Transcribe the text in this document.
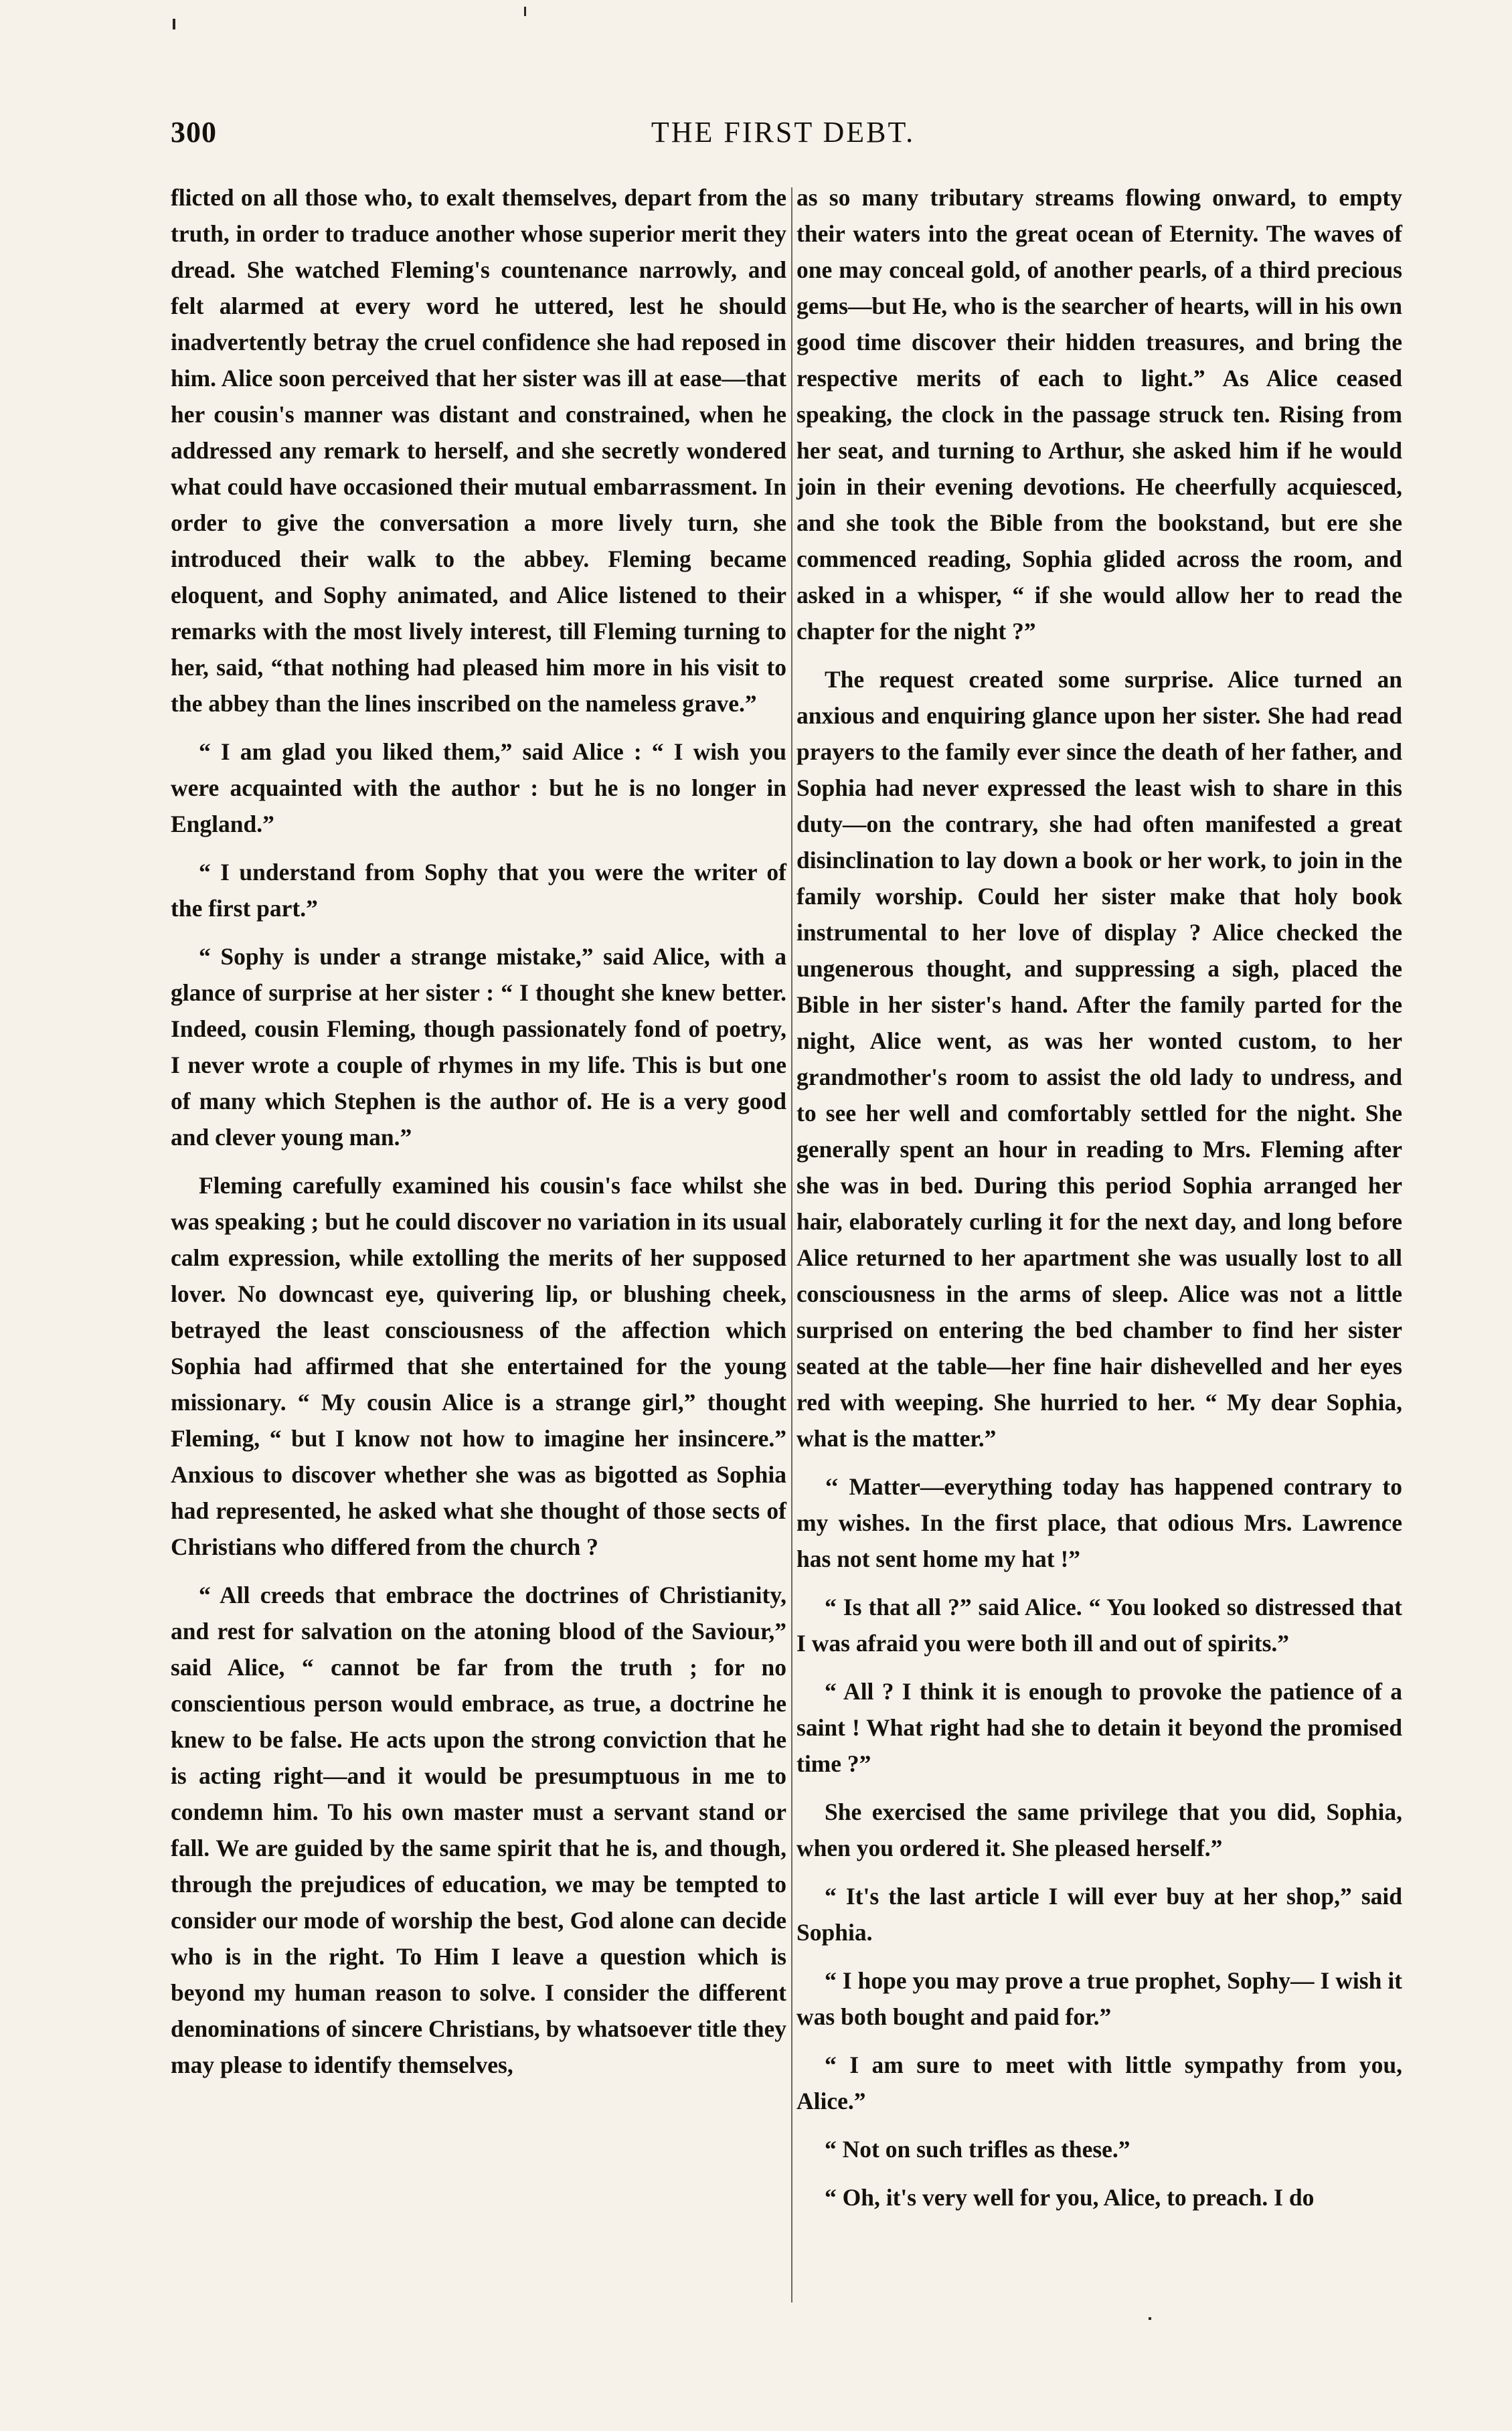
300	THE FIRST DEBT.

flicted on all those who, to exalt themselves, depart from the truth, in order to traduce another whose superior merit they dread. She watched Fleming's countenance narrowly, and felt alarmed at every word he uttered, lest he should inadvertently betray the cruel confidence she had reposed in him. Alice soon perceived that her sister was ill at ease—that her cousin's manner was distant and constrained, when he addressed any remark to herself, and she secretly wondered what could have occasioned their mutual embarrassment. In order to give the conversation a more lively turn, she introduced their walk to the abbey. Fleming became eloquent, and Sophy animated, and Alice listened to their remarks with the most lively interest, till Fleming turning to her, said, “that nothing had pleased him more in his visit to the abbey than the lines inscribed on the nameless grave.”

“ I am glad you liked them,” said Alice : “ I wish you were acquainted with the author : but he is no longer in England.”

“ I understand from Sophy that you were the writer of the first part.”

“ Sophy is under a strange mistake,” said Alice, with a glance of surprise at her sister : “ I thought she knew better. Indeed, cousin Fleming, though passionately fond of poetry, I never wrote a couple of rhymes in my life. This is but one of many which Stephen is the author of. He is a very good and clever young man.”

Fleming carefully examined his cousin's face whilst she was speaking ; but he could discover no variation in its usual calm expression, while extolling the merits of her supposed lover. No downcast eye, quivering lip, or blushing cheek, betrayed the least consciousness of the affection which Sophia had affirmed that she entertained for the young missionary. “ My cousin Alice is a strange girl,” thought Fleming, “ but I know not how to imagine her insincere.” Anxious to discover whether she was as bigotted as Sophia had represented, he asked what she thought of those sects of Christians who differed from the church ?

“ All creeds that embrace the doctrines of Christianity, and rest for salvation on the atoning blood of the Saviour,” said Alice, “ cannot be far from the truth ; for no conscientious person would embrace, as true, a doctrine he knew to be false. He acts upon the strong conviction that he is acting right—and it would be presumptuous in me to condemn him. To his own master must a servant stand or fall. We are guided by the same spirit that he is, and though, through the prejudices of education, we may be tempted to consider our mode of worship the best, God alone can decide who is in the right. To Him I leave a question which is beyond my human reason to solve. I consider the different denominations of sincere Christians, by whatsoever title they may please to identify themselves,

as so many tributary streams flowing onward, to empty their waters into the great ocean of Eternity. The waves of one may conceal gold, of another pearls, of a third precious gems—but He, who is the searcher of hearts, will in his own good time discover their hidden treasures, and bring the respective merits of each to light.” As Alice ceased speaking, the clock in the passage struck ten. Rising from her seat, and turning to Arthur, she asked him if he would join in their evening devotions. He cheerfully acquiesced, and she took the Bible from the bookstand, but ere she commenced reading, Sophia glided across the room, and asked in a whisper, “ if she would allow her to read the chapter for the night ?”

The request created some surprise. Alice turned an anxious and enquiring glance upon her sister. She had read prayers to the family ever since the death of her father, and Sophia had never expressed the least wish to share in this duty—on the contrary, she had often manifested a great disinclination to lay down a book or her work, to join in the family worship. Could her sister make that holy book instrumental to her love of display ? Alice checked the ungenerous thought, and suppressing a sigh, placed the Bible in her sister's hand. After the family parted for the night, Alice went, as was her wonted custom, to her grandmother's room to assist the old lady to undress, and to see her well and comfortably settled for the night. She generally spent an hour in reading to Mrs. Fleming after she was in bed. During this period Sophia arranged her hair, elaborately curling it for the next day, and long before Alice returned to her apartment she was usually lost to all consciousness in the arms of sleep. Alice was not a little surprised on entering the bed chamber to find her sister seated at the table—her fine hair dishevelled and her eyes red with weeping. She hurried to her. “ My dear Sophia, what is the matter.”

‘‘ Matter—everything today has happened contrary to my wishes. In the first place, that odious Mrs. Lawrence has not sent home my hat !”

“ Is that all ?” said Alice. “ You looked so distressed that I was afraid you were both ill and out of spirits.”

“ All ? I think it is enough to provoke the patience of a saint ! What right had she to detain it beyond the promised time ?”

She exercised the same privilege that you did, Sophia, when you ordered it. She pleased herself.”

“ It's the last article I will ever buy at her shop,” said Sophia.

“ I hope you may prove a true prophet, Sophy— I wish it was both bought and paid for.”

“ I am sure to meet with little sympathy from you, Alice.”

“ Not on such trifles as these.”

“ Oh, it's very well for you, Alice, to preach. I do
